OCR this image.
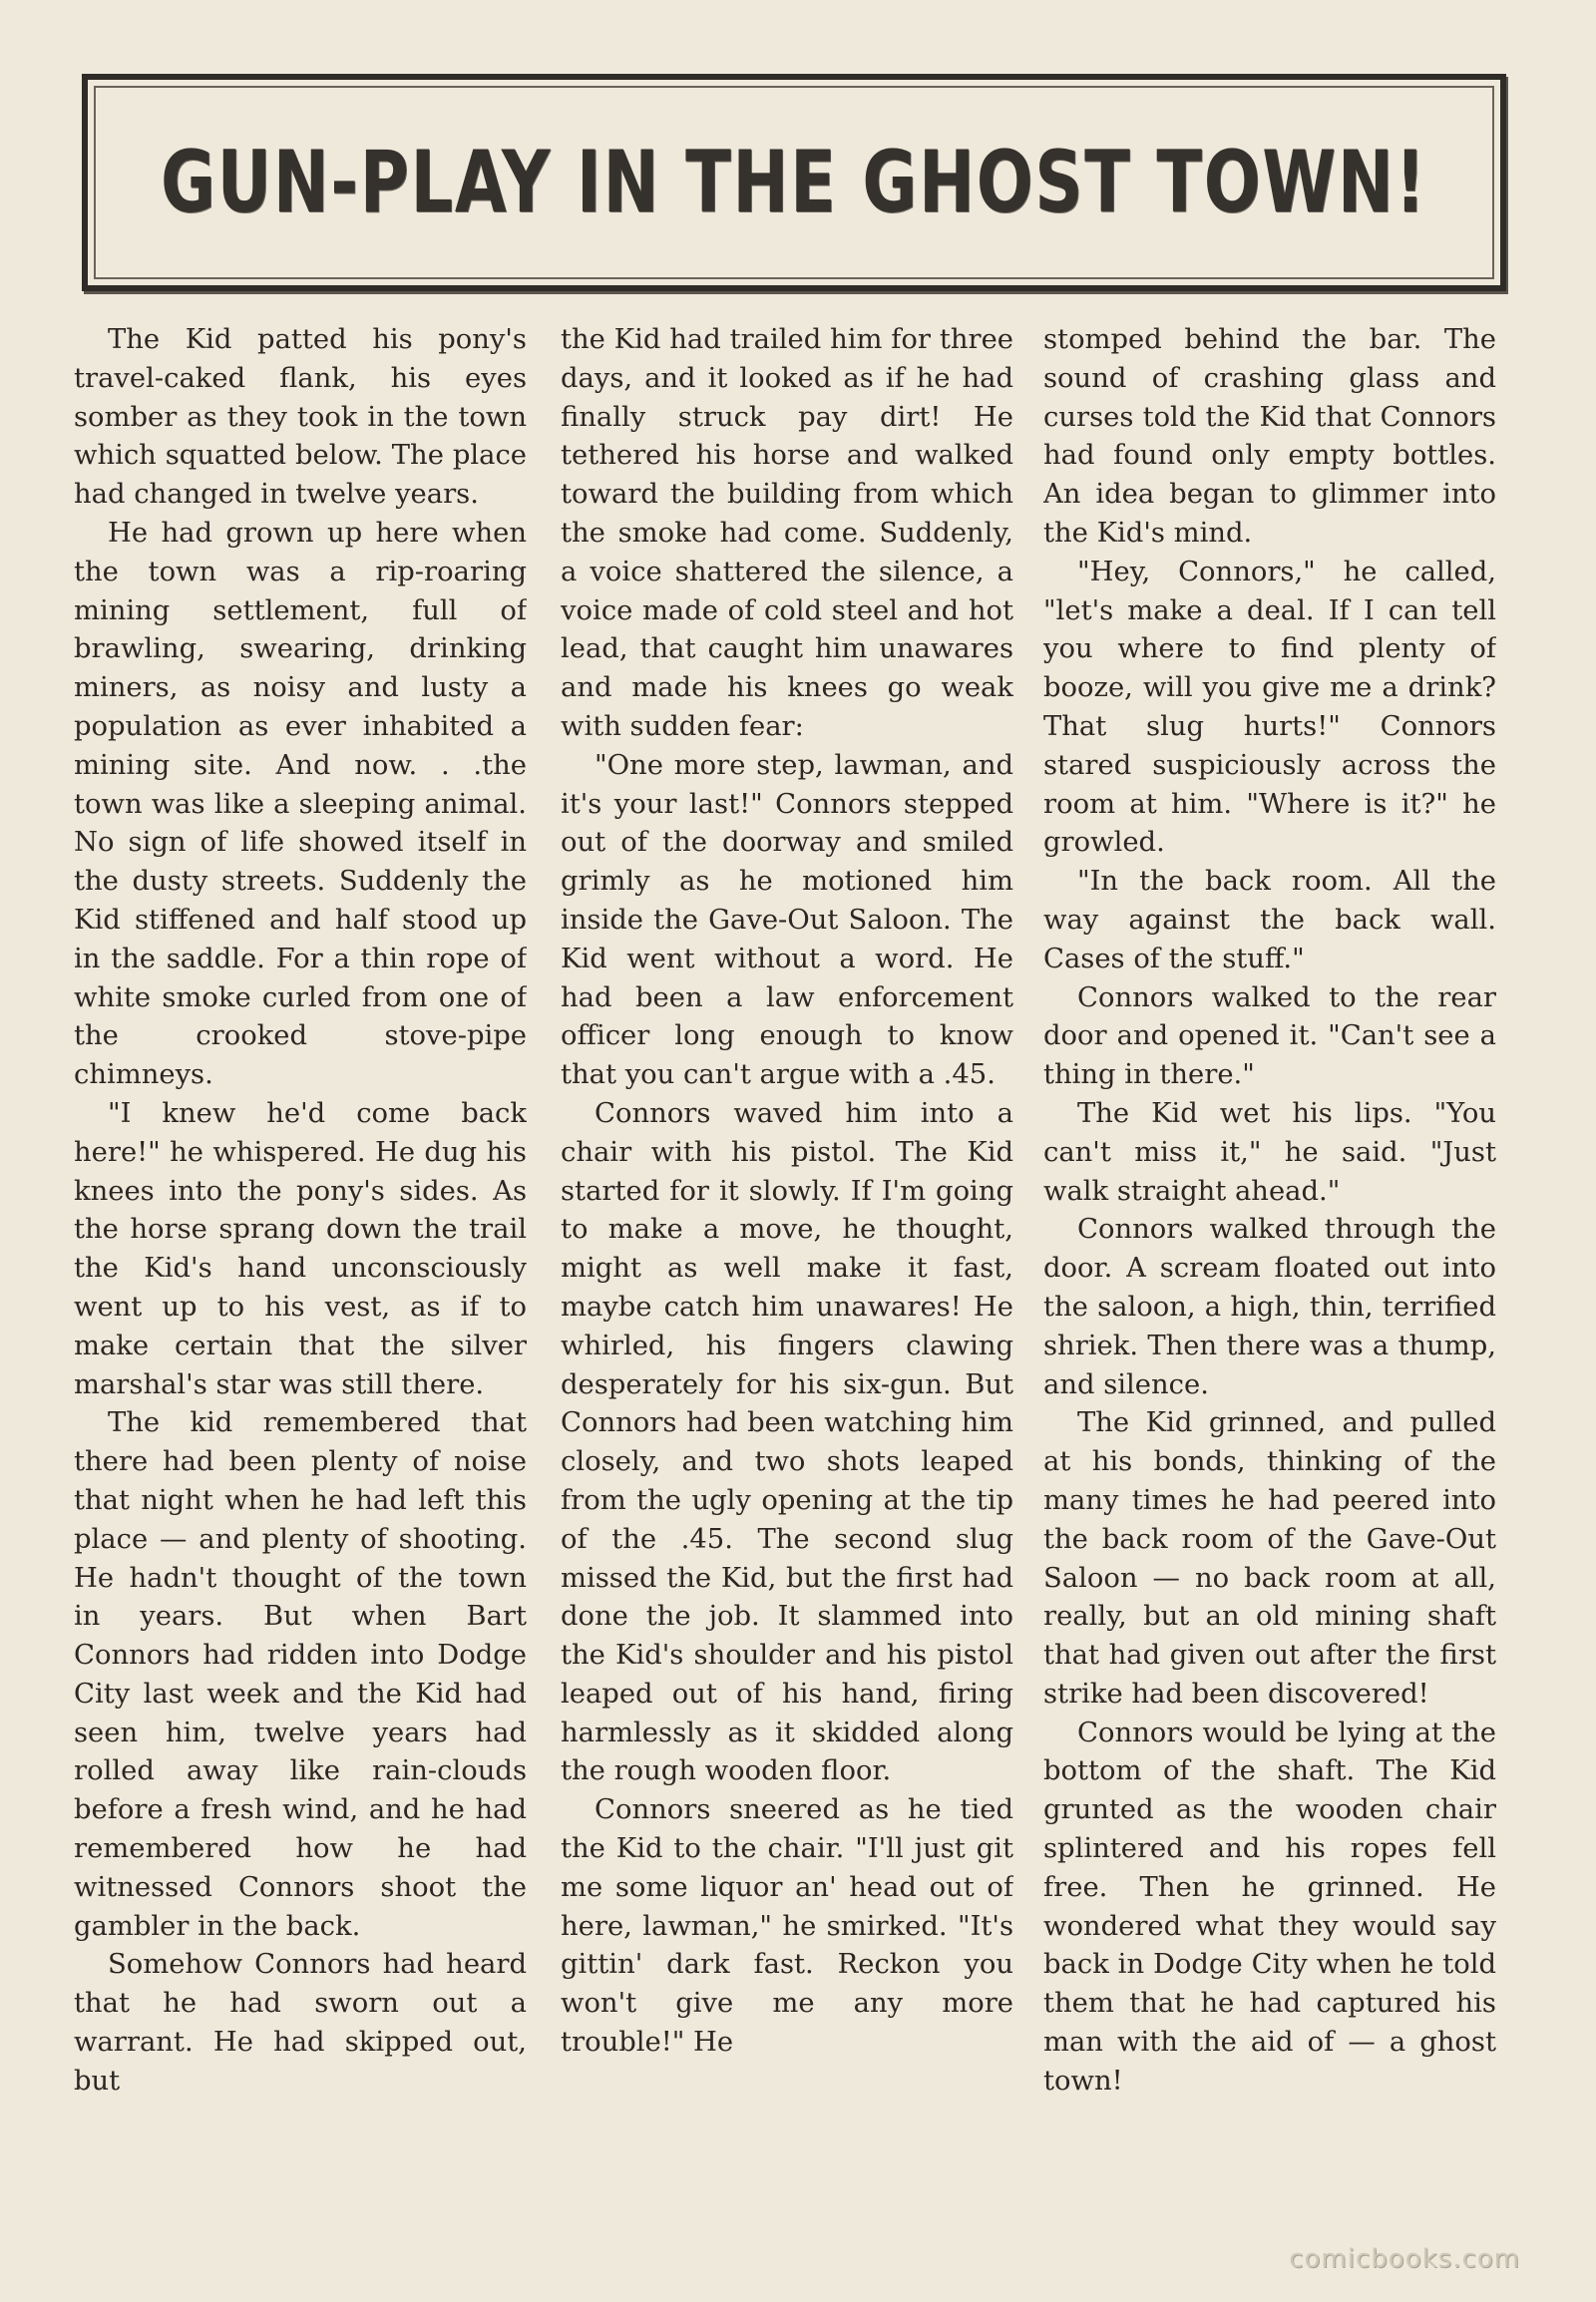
GUN-PLAY IN THE GHOST TOWN!

The Kid patted his pony's travel-caked flank, his eyes somber as they took in the town which squatted below. The place had changed in twelve years.

He had grown up here when the town was a rip-roaring mining settlement, full of brawling, swearing, drinking miners, as noisy and lusty a population as ever inhabited a mining site. And now. . .the town was like a sleeping animal. No sign of life showed itself in the dusty streets. Suddenly the Kid stiffened and half stood up in the saddle. For a thin rope of white smoke curled from one of the crooked stove-pipe chimneys.

"I knew he'd come back here!" he whispered. He dug his knees into the pony's sides. As the horse sprang down the trail the Kid's hand unconsciously went up to his vest, as if to make certain that the silver marshal's star was still there.

The kid remembered that there had been plenty of noise that night when he had left this place — and plenty of shooting. He hadn't thought of the town in years. But when Bart Connors had ridden into Dodge City last week and the Kid had seen him, twelve years had rolled away like rain-clouds before a fresh wind, and he had remembered how he had witnessed Connors shoot the gambler in the back.

Somehow Connors had heard that he had sworn out a warrant. He had skipped out, but

the Kid had trailed him for three days, and it looked as if he had finally struck pay dirt! He tethered his horse and walked toward the building from which the smoke had come. Suddenly, a voice shattered the silence, a voice made of cold steel and hot lead, that caught him unawares and made his knees go weak with sudden fear:

"One more step, lawman, and it's your last!" Connors stepped out of the doorway and smiled grimly as he motioned him inside the Gave-Out Saloon. The Kid went without a word. He had been a law enforcement officer long enough to know that you can't argue with a .45.

Connors waved him into a chair with his pistol. The Kid started for it slowly. If I'm going to make a move, he thought, might as well make it fast, maybe catch him unawares! He whirled, his fingers clawing desperately for his six-gun. But Connors had been watching him closely, and two shots leaped from the ugly opening at the tip of the .45. The second slug missed the Kid, but the first had done the job. It slammed into the Kid's shoulder and his pistol leaped out of his hand, firing harmlessly as it skidded along the rough wooden floor.

Connors sneered as he tied the Kid to the chair. "I'll just git me some liquor an' head out of here, lawman," he smirked. "It's gittin' dark fast. Reckon you won't give me any more trouble!" He

stomped behind the bar. The sound of crashing glass and curses told the Kid that Connors had found only empty bottles. An idea began to glimmer into the Kid's mind.

"Hey, Connors," he called, "let's make a deal. If I can tell you where to find plenty of booze, will you give me a drink? That slug hurts!" Connors stared suspiciously across the room at him. "Where is it?" he growled.

"In the back room. All the way against the back wall. Cases of the stuff."

Connors walked to the rear door and opened it. "Can't see a thing in there."

The Kid wet his lips. "You can't miss it," he said. "Just walk straight ahead."

Connors walked through the door. A scream floated out into the saloon, a high, thin, terrified shriek. Then there was a thump, and silence.

The Kid grinned, and pulled at his bonds, thinking of the many times he had peered into the back room of the Gave-Out Saloon — no back room at all, really, but an old mining shaft that had given out after the first strike had been discovered!

Connors would be lying at the bottom of the shaft. The Kid grunted as the wooden chair splintered and his ropes fell free. Then he grinned. He wondered what they would say back in Dodge City when he told them that he had captured his man with the aid of — a ghost town!

comicbooks.com
